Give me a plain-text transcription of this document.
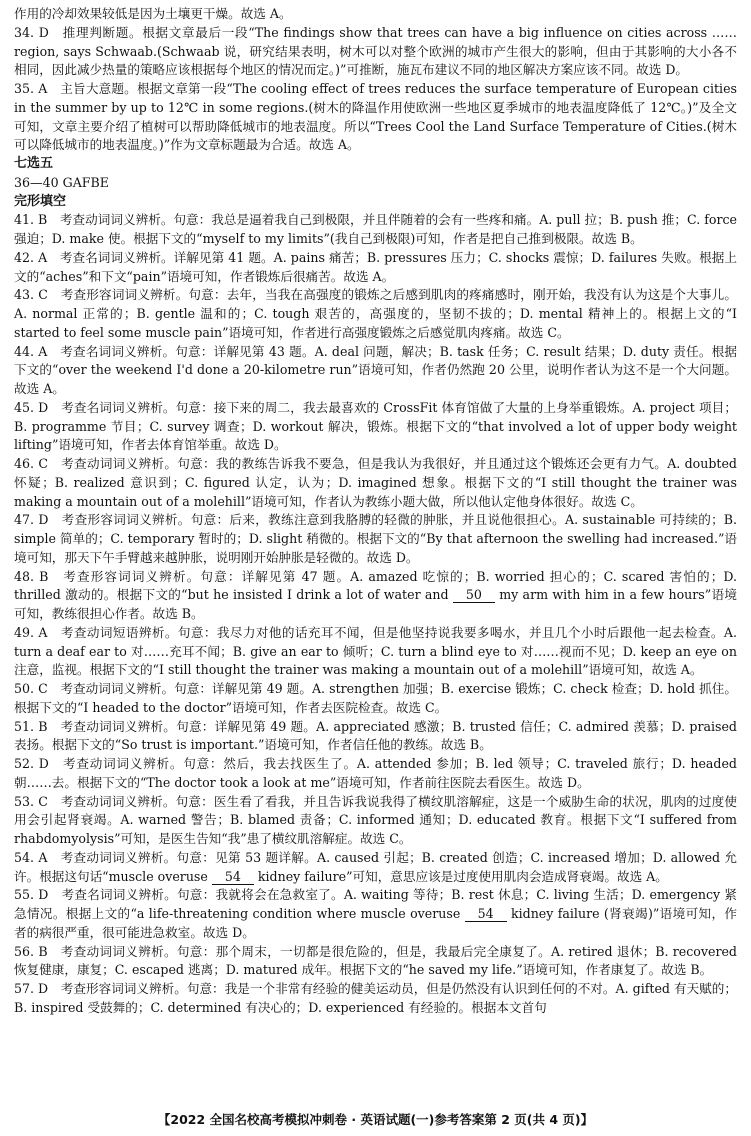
作用的冷却效果较低是因为土壤更干燥。故选 A。
34. D　推理判断题。根据文章最后一段“The findings show that trees can have a big influence on cities across ……region, says Schwaab.(Schwaab 说，研究结果表明，树木可以对整个欧洲的城市产生很大的影响，但由于其影响的大小各不相同，因此减少热量的策略应该根据每个地区的情况而定。)”可推断，施瓦布建议不同的地区解决方案应该不同。故选 D。
35. A　主旨大意题。根据文章第一段“The cooling effect of trees reduces the surface temperature of European cities in the summer by up to 12℃ in some regions.(树木的降温作用使欧洲一些地区夏季城市的地表温度降低了 12℃。)”及全文可知，文章主要介绍了植树可以帮助降低城市的地表温度。所以“Trees Cool the Land Surface Temperature of Cities.(树木可以降低城市的地表温度。)”作为文章标题最为合适。故选 A。
七选五
36—40 GAFBE
完形填空
41. B　考查动词词义辨析。句意：我总是逼着我自己到极限，并且伴随着的会有一些疼和痛。A. pull 拉；B. push 推；C. force 强迫；D. make 使。根据下文的“myself to my limits”(我自己到极限)可知，作者是把自己推到极限。故选 B。
42. A　考查名词词义辨析。详解见第 41 题。A. pains 痛苦；B. pressures 压力；C. shocks 震惊；D. failures 失败。根据上文的“aches”和下文“pain”语境可知，作者锻炼后很痛苦。故选 A。
43. C　考查形容词词义辨析。句意：去年，当我在高强度的锻炼之后感到肌肉的疼痛感时，刚开始，我没有认为这是个大事儿。A. normal 正常的；B. gentle 温和的；C. tough 艰苦的，高强度的，坚韧不拔的；D. mental 精神上的。根据上文的“I started to feel some muscle pain”语境可知，作者进行高强度锻炼之后感觉肌肉疼痛。故选 C。
44. A　考查名词词义辨析。句意：详解见第 43 题。A. deal 问题，解决；B. task 任务；C. result 结果；D. duty 责任。根据下文的“over the weekend I'd done a 20-kilometre run”语境可知，作者仍然跑 20 公里，说明作者认为这不是一个大问题。故选 A。
45. D　考查名词词义辨析。句意：接下来的周二，我去最喜欢的 CrossFit 体育馆做了大量的上身举重锻炼。A. project 项目；B. programme 节目；C. survey 调查；D. workout 解决，锻炼。根据下文的“that involved a lot of upper body weight lifting”语境可知，作者去体育馆举重。故选 D。
46. C　考查动词词义辨析。句意：我的教练告诉我不要急，但是我认为我很好，并且通过这个锻炼还会更有力气。A. doubted 怀疑；B. realized 意识到；C. figured 认定，认为；D. imagined 想象。根据下文的“I still thought the trainer was making a mountain out of a molehill”语境可知，作者认为教练小题大做，所以他认定他身体很好。故选 C。
47. D　考查形容词词义辨析。句意：后来，教练注意到我胳膊的轻微的肿胀，并且说他很担心。A. sustainable 可持续的；B. simple 简单的；C. temporary 暂时的；D. slight 稍微的。根据下文的“By that afternoon the swelling had increased.”语境可知，那天下午手臂越来越肿胀，说明刚开始肿胀是轻微的。故选 D。
48. B　考查形容词词义辨析。句意：详解见第 47 题。A. amazed 吃惊的；B. worried 担心的；C. scared 害怕的；D. thrilled 激动的。根据下文的“but he insisted I drink a lot of water and 50 my arm with him in a few hours”语境可知，教练很担心作者。故选 B。
49. A　考查动词短语辨析。句意：我尽力对他的话充耳不闻，但是他坚持说我要多喝水，并且几个小时后跟他一起去检查。A. turn a deaf ear to 对……充耳不闻；B. give an ear to 倾听；C. turn a blind eye to 对……视而不见；D. keep an eye on 注意，监视。根据下文的“I still thought the trainer was making a mountain out of a molehill”语境可知，故选 A。
50. C　考查动词词义辨析。句意：详解见第 49 题。A. strengthen 加强；B. exercise 锻炼；C. check 检查；D. hold 抓住。根据下文的“I headed to the doctor”语境可知，作者去医院检查。故选 C。
51. B　考查动词词义辨析。句意：详解见第 49 题。A. appreciated 感激；B. trusted 信任；C. admired 羡慕；D. praised 表扬。根据下文的“So trust is important.”语境可知，作者信任他的教练。故选 B。
52. D　考查动词词义辨析。句意：然后，我去找医生了。A. attended 参加；B. led 领导；C. traveled 旅行；D. headed 朝……去。根据下文的“The doctor took a look at me”语境可知，作者前往医院去看医生。故选 D。
53. C　考查动词词义辨析。句意：医生看了看我，并且告诉我说我得了横纹肌溶解症，这是一个威胁生命的状况，肌肉的过度使用会引起肾衰竭。A. warned 警告；B. blamed 责备；C. informed 通知；D. educated 教育。根据下文“I suffered from rhabdomyolysis”可知，是医生告知“我”患了横纹肌溶解症。故选 C。
54. A　考查动词词义辨析。句意：见第 53 题详解。A. caused 引起；B. created 创造；C. increased 增加；D. allowed 允许。根据这句话“muscle overuse 54 kidney failure”可知，意思应该是过度使用肌肉会造成肾衰竭。故选 A。
55. D　考查名词词义辨析。句意：我就将会在急救室了。A. waiting 等待；B. rest 休息；C. living 生活；D. emergency 紧急情况。根据上文的“a life-threatening condition where muscle overuse 54 kidney failure (肾衰竭)”语境可知，作者的病很严重，很可能进急救室。故选 D。
56. B　考查动词词义辨析。句意：那个周末，一切都是很危险的，但是，我最后完全康复了。A. retired 退休；B. recovered 恢复健康，康复；C. escaped 逃离；D. matured 成年。根据下文的“he saved my life.”语境可知，作者康复了。故选 B。
57. D　考查形容词词义辨析。句意：我是一个非常有经验的健美运动员，但是仍然没有认识到任何的不对。A. gifted 有天赋的；B. inspired 受鼓舞的；C. determined 有决心的；D. experienced 有经验的。根据本文首句
【2022 全国名校高考模拟冲刺卷 · 英语试题(一)参考答案第 2 页(共 4 页)】
